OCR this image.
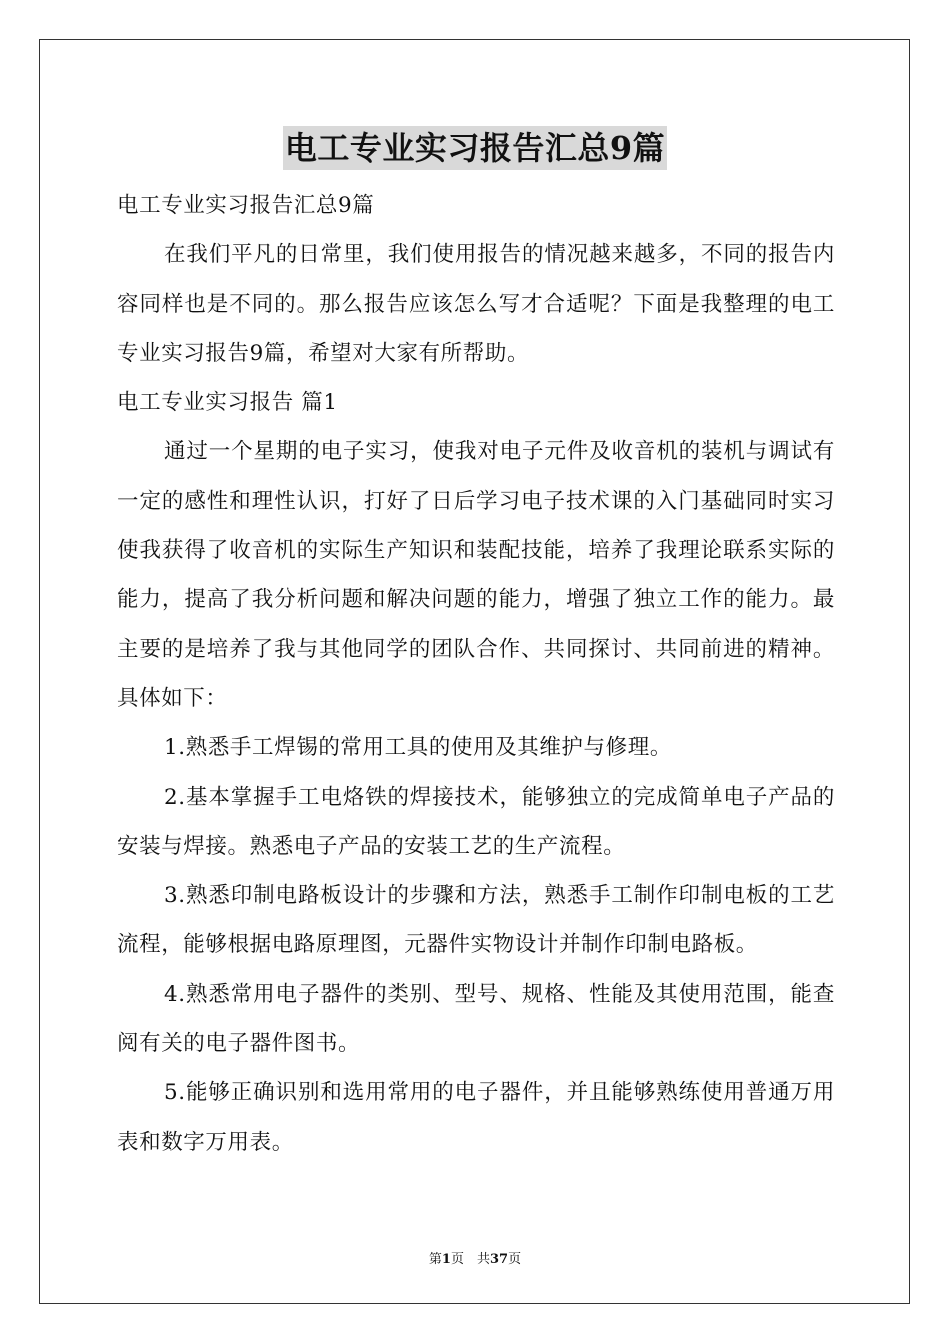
电工专业实习报告汇总9篇

电工专业实习报告汇总9篇

在我们平凡的日常里，我们使用报告的情况越来越多，不同的报告内容同样也是不同的。那么报告应该怎么写才合适呢？下面是我整理的电工专业实习报告9篇，希望对大家有所帮助。

电工专业实习报告 篇1

通过一个星期的电子实习，使我对电子元件及收音机的装机与调试有一定的感性和理性认识，打好了日后学习电子技术课的入门基础同时实习使我获得了收音机的实际生产知识和装配技能，培养了我理论联系实际的能力，提高了我分析问题和解决问题的能力，增强了独立工作的能力。最主要的是培养了我与其他同学的团队合作、共同探讨、共同前进的精神。具体如下：

1.熟悉手工焊锡的常用工具的使用及其维护与修理。

2.基本掌握手工电烙铁的焊接技术，能够独立的完成简单电子产品的安装与焊接。熟悉电子产品的安装工艺的生产流程。

3.熟悉印制电路板设计的步骤和方法，熟悉手工制作印制电板的工艺流程，能够根据电路原理图，元器件实物设计并制作印制电路板。

4.熟悉常用电子器件的类别、型号、规格、性能及其使用范围，能查阅有关的电子器件图书。

5.能够正确识别和选用常用的电子器件，并且能够熟练使用普通万用表和数字万用表。

第1页　共37页
